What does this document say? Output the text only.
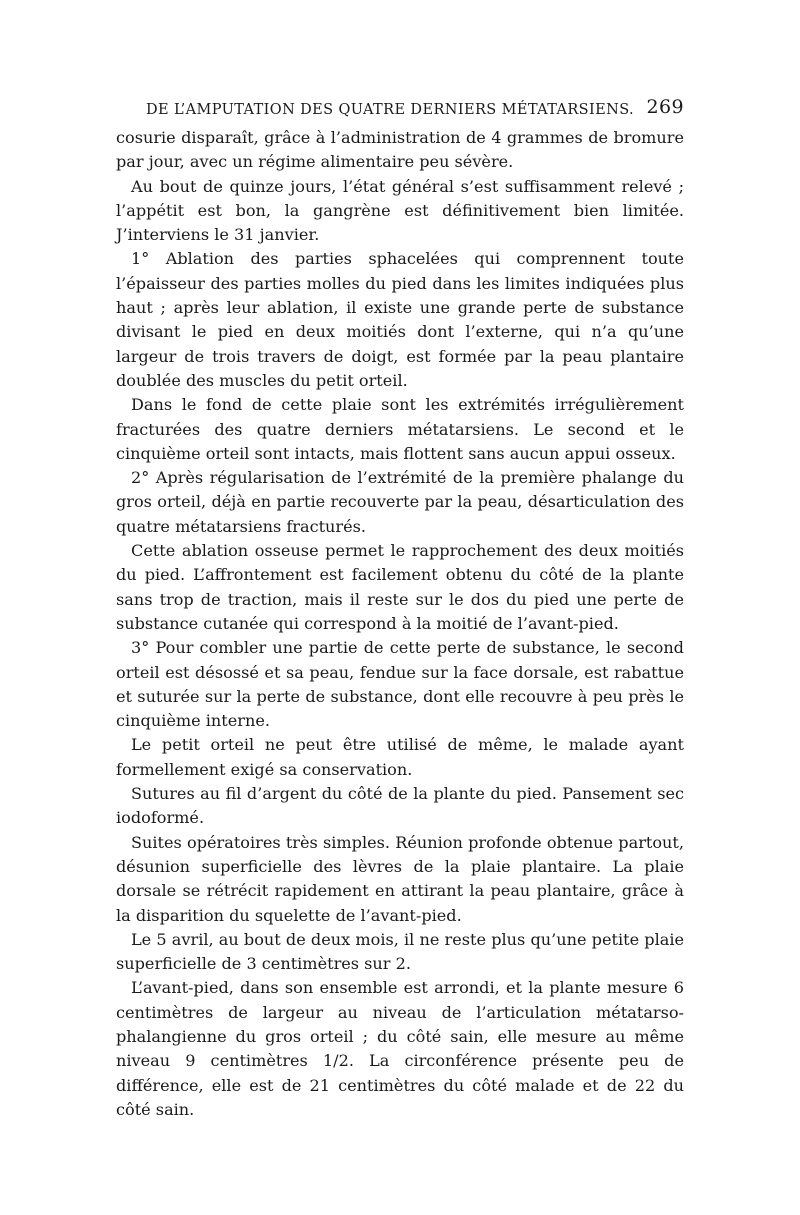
DE L’AMPUTATION DES QUATRE DERNIERS MÉTATARSIENS. 269

cosurie disparaît, grâce à l’administration de 4 grammes de bromure par jour, avec un régime alimentaire peu sévère.

Au bout de quinze jours, l’état général s’est suffisamment relevé ; l’appétit est bon, la gangrène est définitivement bien limitée. J’interviens le 31 janvier.

1° Ablation des parties sphacelées qui comprennent toute l’épaisseur des parties molles du pied dans les limites indiquées plus haut ; après leur ablation, il existe une grande perte de substance divisant le pied en deux moitiés dont l’externe, qui n’a qu’une largeur de trois travers de doigt, est formée par la peau plantaire doublée des muscles du petit orteil.

Dans le fond de cette plaie sont les extrémités irrégulièrement fracturées des quatre derniers métatarsiens. Le second et le cinquième orteil sont intacts, mais flottent sans aucun appui osseux.

2° Après régularisation de l’extrémité de la première phalange du gros orteil, déjà en partie recouverte par la peau, désarticulation des quatre métatarsiens fracturés.

Cette ablation osseuse permet le rapprochement des deux moitiés du pied. L’affrontement est facilement obtenu du côté de la plante sans trop de traction, mais il reste sur le dos du pied une perte de substance cutanée qui correspond à la moitié de l’avant-pied.

3° Pour combler une partie de cette perte de substance, le second orteil est désossé et sa peau, fendue sur la face dorsale, est rabattue et suturée sur la perte de substance, dont elle recouvre à peu près le cinquième interne.

Le petit orteil ne peut être utilisé de même, le malade ayant formellement exigé sa conservation.

Sutures au fil d’argent du côté de la plante du pied. Pansement sec iodoformé.

Suites opératoires très simples. Réunion profonde obtenue partout, désunion superficielle des lèvres de la plaie plantaire. La plaie dorsale se rétrécit rapidement en attirant la peau plantaire, grâce à la disparition du squelette de l’avant-pied.

Le 5 avril, au bout de deux mois, il ne reste plus qu’une petite plaie superficielle de 3 centimètres sur 2.

L’avant-pied, dans son ensemble est arrondi, et la plante mesure 6 centimètres de largeur au niveau de l’articulation métatarso-phalangienne du gros orteil ; du côté sain, elle mesure au même niveau 9 centimètres 1/2. La circonférence présente peu de différence, elle est de 21 centimètres du côté malade et de 22 du côté sain.
